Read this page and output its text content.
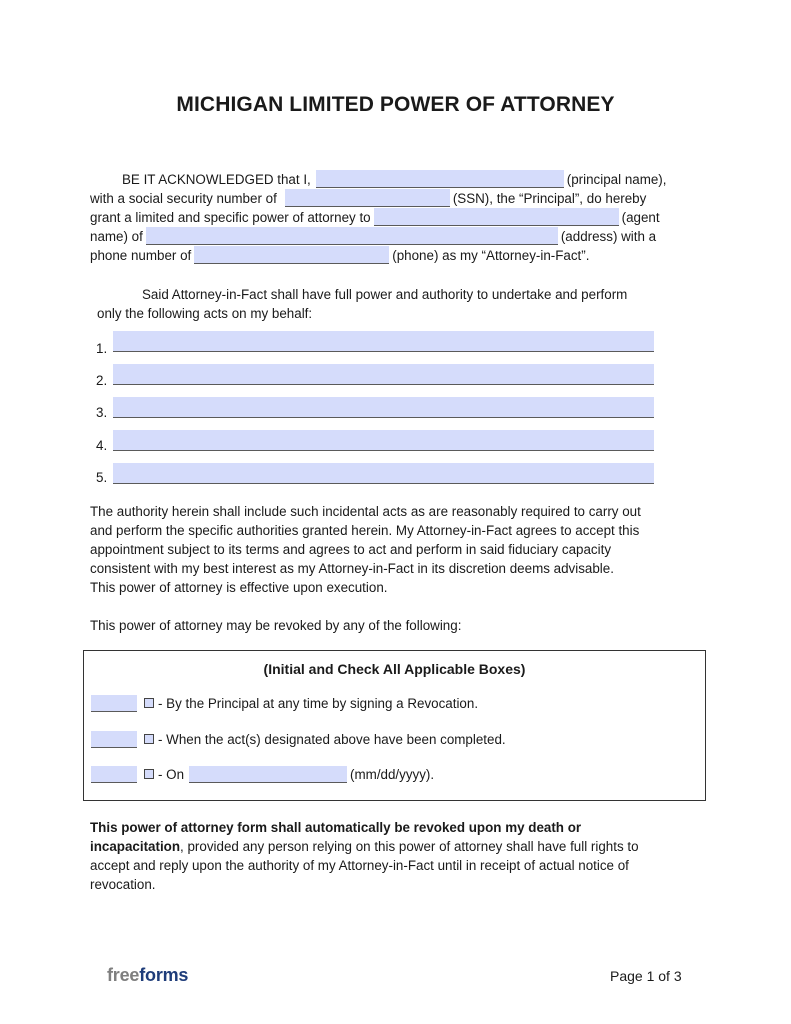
MICHIGAN LIMITED POWER OF ATTORNEY
BE IT ACKNOWLEDGED that I,	(principal name),
with a social security number of	(SSN), the “Principal”, do hereby
grant a limited and specific power of attorney to	(agent
name) of	(address) with a
phone number of	(phone) as my “Attorney-in-Fact”.
Said Attorney-in-Fact shall have full power and authority to undertake and perform
only the following acts on my behalf:
1.
2.
3.
4.
5.
The authority herein shall include such incidental acts as are reasonably required to carry out
and perform the specific authorities granted herein. My Attorney-in-Fact agrees to accept this
appointment subject to its terms and agrees to act and perform in said fiduciary capacity
consistent with my best interest as my Attorney-in-Fact in its discretion deems advisable.
This power of attorney is effective upon execution.
This power of attorney may be revoked by any of the following:
(Initial and Check All Applicable Boxes)
- By the Principal at any time by signing a Revocation.
- When the act(s) designated above have been completed.
- On	(mm/dd/yyyy).
This power of attorney form shall automatically be revoked upon my death or
incapacitation, provided any person relying on this power of attorney shall have full rights to
accept and reply upon the authority of my Attorney-in-Fact until in receipt of actual notice of
revocation.
freeforms	Page 1 of 3
